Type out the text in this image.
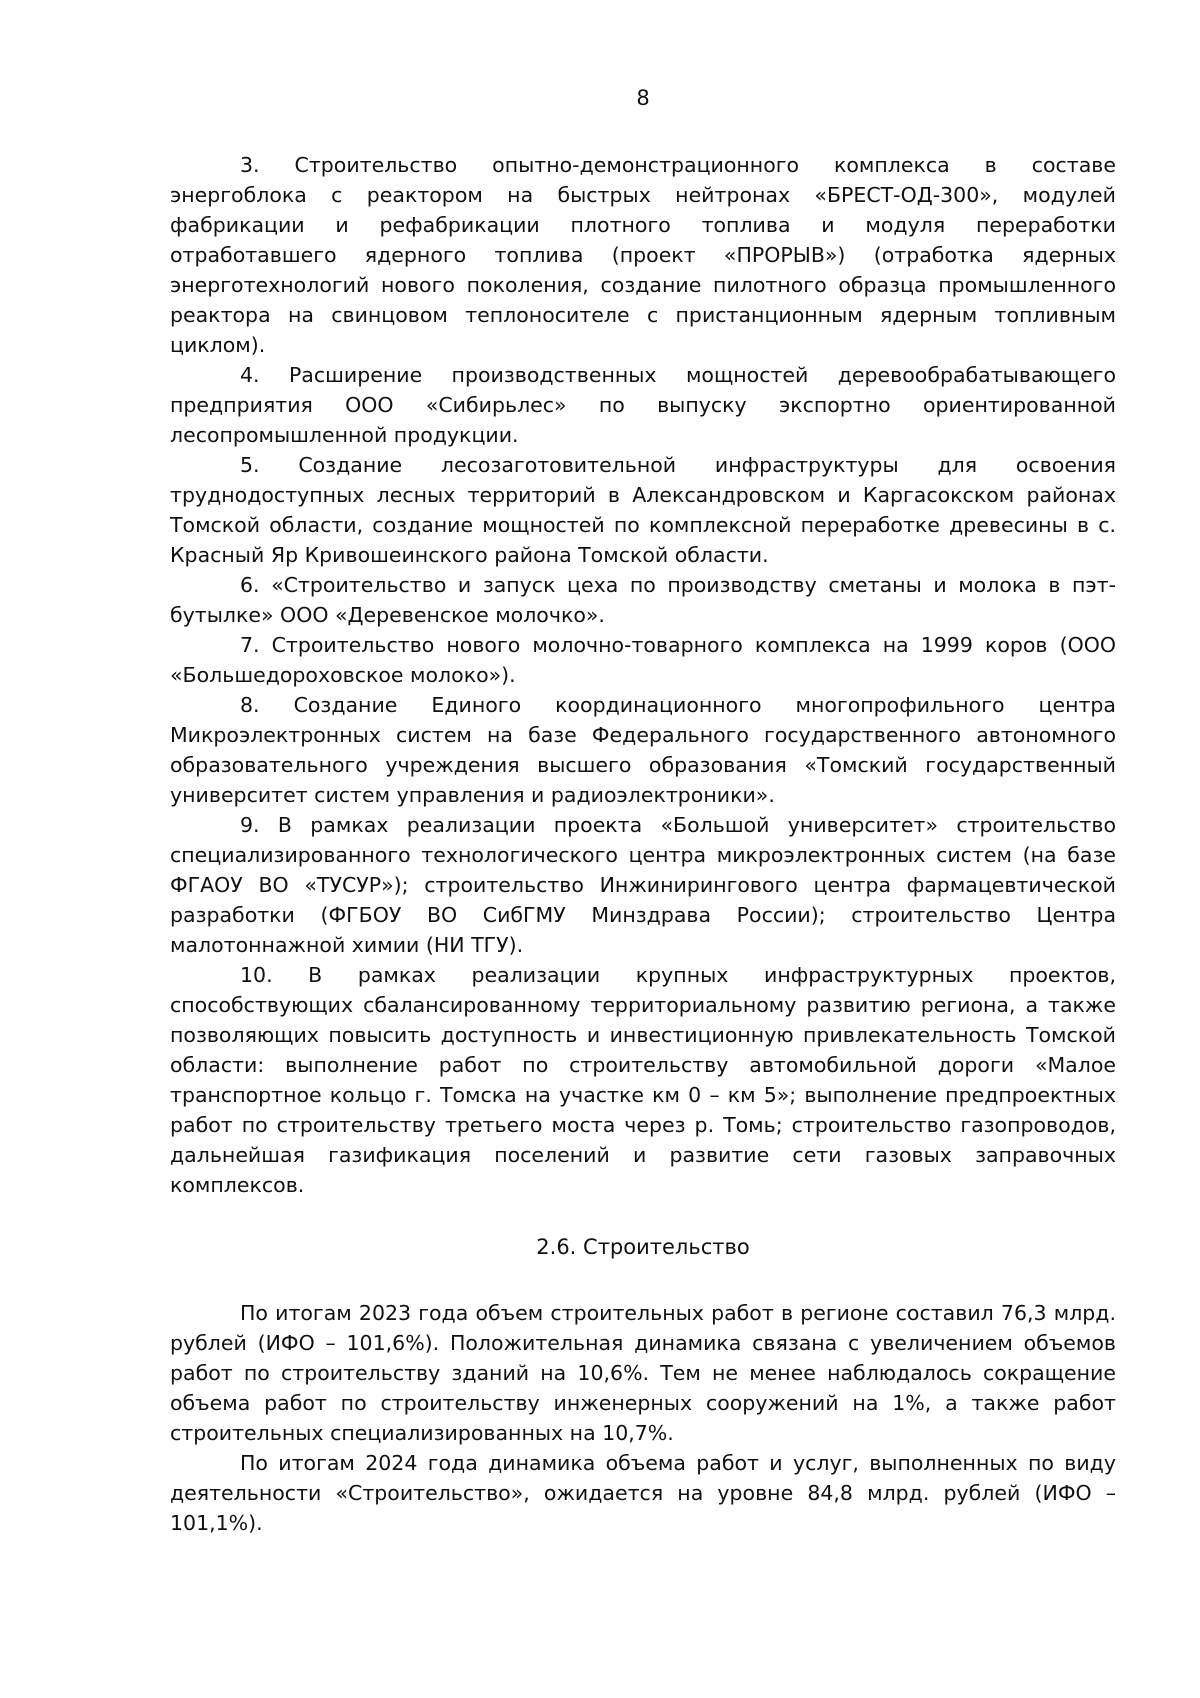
8

3. Строительство опытно-демонстрационного комплекса в составе энергоблока с реактором на быстрых нейтронах «БРЕСТ-ОД-300», модулей фабрикации и рефабрикации плотного топлива и модуля переработки отработавшего ядерного топлива (проект «ПРОРЫВ») (отработка ядерных энерготехнологий нового поколения, создание пилотного образца промышленного реактора на свинцовом теплоносителе с пристанционным ядерным топливным циклом).

4. Расширение производственных мощностей деревообрабатывающего предприятия ООО «Сибирьлес» по выпуску экспортно ориентированной лесопромышленной продукции.

5. Создание лесозаготовительной инфраструктуры для освоения труднодоступных лесных территорий в Александровском и Каргасокском районах Томской области, создание мощностей по комплексной переработке древесины в с. Красный Яр Кривошеинского района Томской области.

6. «Строительство и запуск цеха по производству сметаны и молока в пэт-бутылке» ООО «Деревенское молочко».

7. Строительство нового молочно-товарного комплекса на 1999 коров (ООО «Большедороховское молоко»).

8. Создание Единого координационного многопрофильного центра Микроэлектронных систем на базе Федерального государственного автономного образовательного учреждения высшего образования «Томский государственный университет систем управления и радиоэлектроники».

9. В рамках реализации проекта «Большой университет» строительство специализированного технологического центра микроэлектронных систем (на базе ФГАОУ ВО «ТУСУР»); строительство Инжинирингового центра фармацевтической разработки (ФГБОУ ВО СибГМУ Минздрава России); строительство Центра малотоннажной химии (НИ ТГУ).

10. В рамках реализации крупных инфраструктурных проектов, способствующих сбалансированному территориальному развитию региона, а также позволяющих повысить доступность и инвестиционную привлекательность Томской области: выполнение работ по строительству автомобильной дороги «Малое транспортное кольцо г. Томска на участке км 0 – км 5»; выполнение предпроектных работ по строительству третьего моста через р. Томь; строительство газопроводов, дальнейшая газификация поселений и развитие сети газовых заправочных комплексов.

2.6. Строительство

По итогам 2023 года объем строительных работ в регионе составил 76,3 млрд. рублей (ИФО – 101,6%). Положительная динамика связана с увеличением объемов работ по строительству зданий на 10,6%. Тем не менее наблюдалось сокращение объема работ по строительству инженерных сооружений на 1%, а также работ строительных специализированных на 10,7%.

По итогам 2024 года динамика объема работ и услуг, выполненных по виду деятельности «Строительство», ожидается на уровне 84,8 млрд. рублей (ИФО – 101,1%).
